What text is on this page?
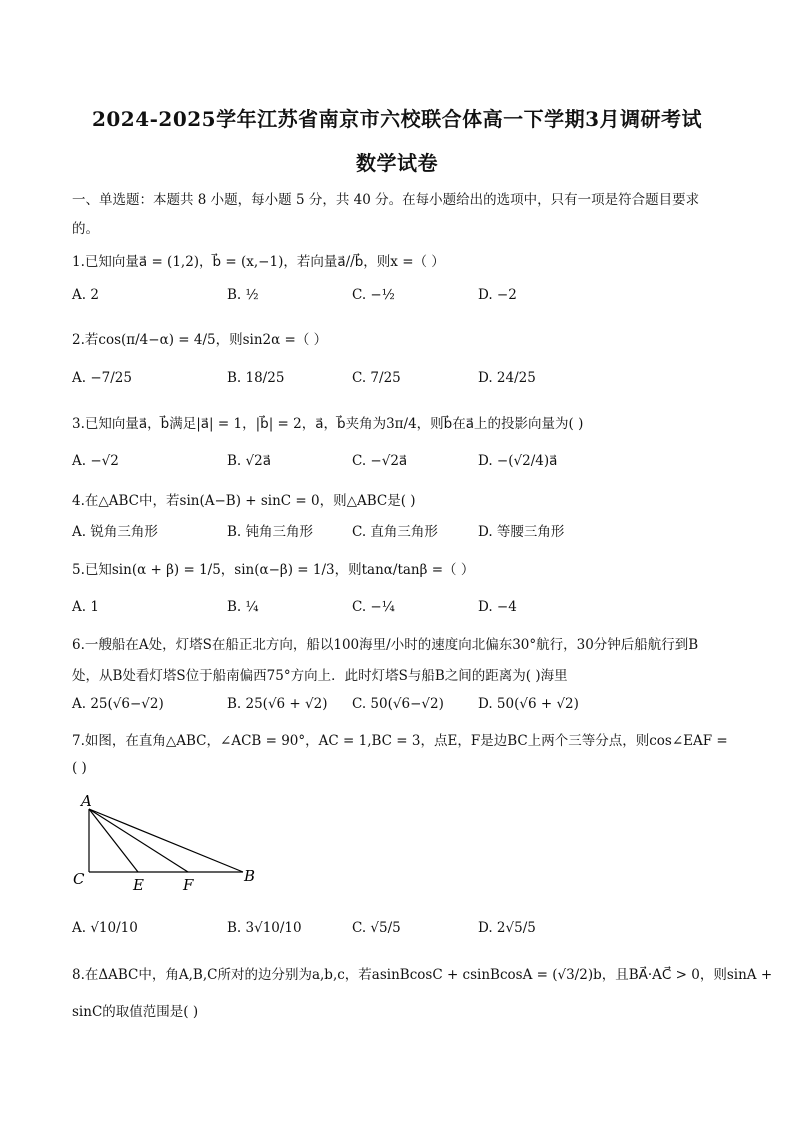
2024-2025学年江苏省南京市六校联合体高一下学期3月调研考试
数学试卷
一、单选题：本题共 8 小题，每小题 5 分，共 40 分。在每小题给出的选项中，只有一项是符合题目要求
的。
1.已知向量a⃗ = (1,2)，b⃗ = (x,−1)，若向量a⃗//b⃗，则x =（ ）
A. 2	B. ½	C. −½	D. −2
2.若cos(π/4−α) = 4/5，则sin2α =（ ）
A. −7/25	B. 18/25	C. 7/25	D. 24/25
3.已知向量a⃗，b⃗满足|a⃗| = 1，|b⃗| = 2，a⃗，b⃗夹角为3π/4，则b⃗在a⃗上的投影向量为( )
A. −√2	B. √2a⃗	C. −√2a⃗	D. −(√2/4)a⃗
4.在△ABC中，若sin(A−B) + sinC = 0，则△ABC是( )
A. 锐角三角形	B. 钝角三角形	C. 直角三角形	D. 等腰三角形
5.已知sin(α + β) = 1/5，sin(α−β) = 1/3，则tanα/tanβ =（ ）
A. 1	B. ¼	C. −¼	D. −4
6.一艘船在A处，灯塔S在船正北方向，船以100海里/小时的速度向北偏东30°航行，30分钟后船航行到B
处，从B处看灯塔S位于船南偏西75°方向上．此时灯塔S与船B之间的距离为( )海里
A. 25(√6−√2)	B. 25(√6 + √2) C. 50(√6−√2)	D. 50(√6 + √2)
7.如图，在直角△ABC，∠ACB = 90°，AC = 1,BC = 3，点E，F是边BC上两个三等分点，则cos∠EAF =
( )
A
C	E	F	B
A. √10/10	B. 3√10/10	C. √5/5	D. 2√5/5
8.在ΔABC中，角A,B,C所对的边分别为a,b,c，若asinBcosC + csinBcosA = (√3/2)b，且BA⃗·AC⃗ > 0，则sinA +
sinC的取值范围是( )
